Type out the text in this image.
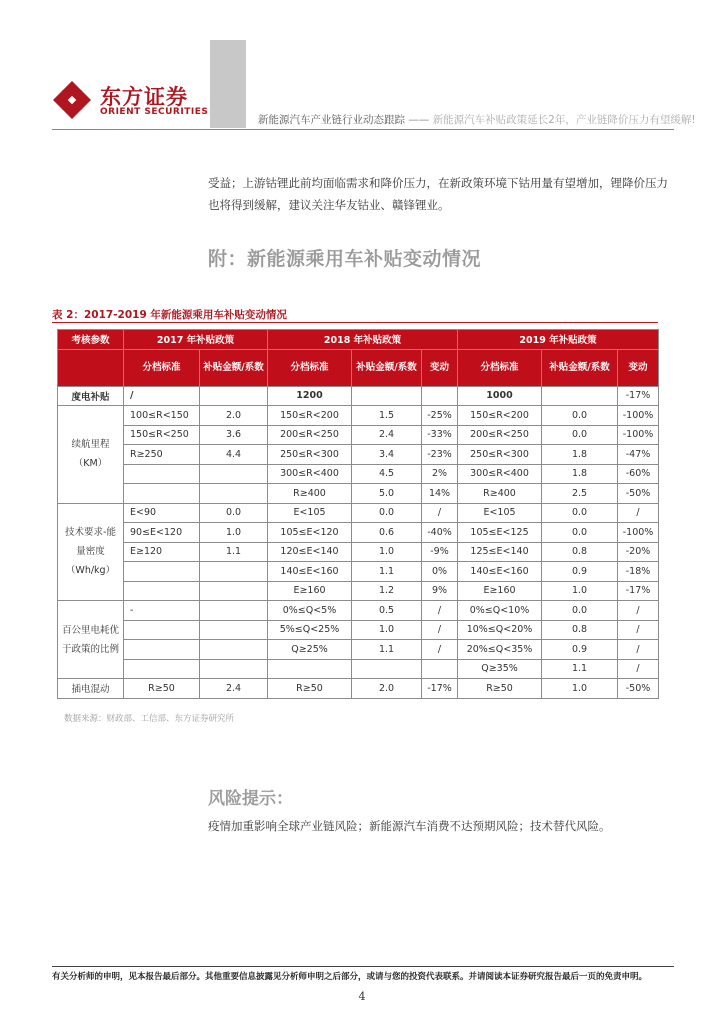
东方证券
ORIENT SECURITIES
新能源汽车产业链行业动态跟踪 —— 新能源汽车补贴政策延长2年，产业链降价压力有望缓解!
受益；上游钴锂此前均面临需求和降价压力，在新政策环境下钴用量有望增加，锂降价压力也将得到缓解，建议关注华友钴业、赣锋锂业。
附：新能源乘用车补贴变动情况
表 2：2017-2019 年新能源乘用车补贴变动情况
考核参数	2017 年补贴政策		2018 年补贴政策			2019 年补贴政策		
	分档标准	补贴金额/系数	分档标准	补贴金额/系数	变动	分档标准	补贴金额/系数	变动
度电补贴	/		1200			1000		-17%
续航里程（KM）	100≤R<150	2.0	150≤R<200	1.5	-25%	150≤R<200	0.0	-100%
	150≤R<250	3.6	200≤R<250	2.4	-33%	200≤R<250	0.0	-100%
	R≥250	4.4	250≤R<300	3.4	-23%	250≤R<300	1.8	-47%
			300≤R<400	4.5	2%	300≤R<400	1.8	-60%
			R≥400	5.0	14%	R≥400	2.5	-50%
技术要求-能量密度（Wh/kg）	E<90	0.0	E<105	0.0	/	E<105	0.0	/
	90≤E<120	1.0	105≤E<120	0.6	-40%	105≤E<125	0.0	-100%
	E≥120	1.1	120≤E<140	1.0	-9%	125≤E<140	0.8	-20%
			140≤E<160	1.1	0%	140≤E<160	0.9	-18%
			E≥160	1.2	9%	E≥160	1.0	-17%
百公里电耗优于政策的比例	-		0%≤Q<5%	0.5	/	0%≤Q<10%	0.0	/
			5%≤Q<25%	1.0	/	10%≤Q<20%	0.8	/
			Q≥25%	1.1	/	20%≤Q<35%	0.9	/
						Q≥35%	1.1	/
插电混动	R≥50	2.4	R≥50	2.0	-17%	R≥50	1.0	-50%
数据来源：财政部、工信部、东方证券研究所
风险提示：
疫情加重影响全球产业链风险；新能源汽车消费不达预期风险；技术替代风险。
有关分析师的申明，见本报告最后部分。其他重要信息披露见分析师申明之后部分，或请与您的投资代表联系。并请阅读本证券研究报告最后一页的免责申明。
4
